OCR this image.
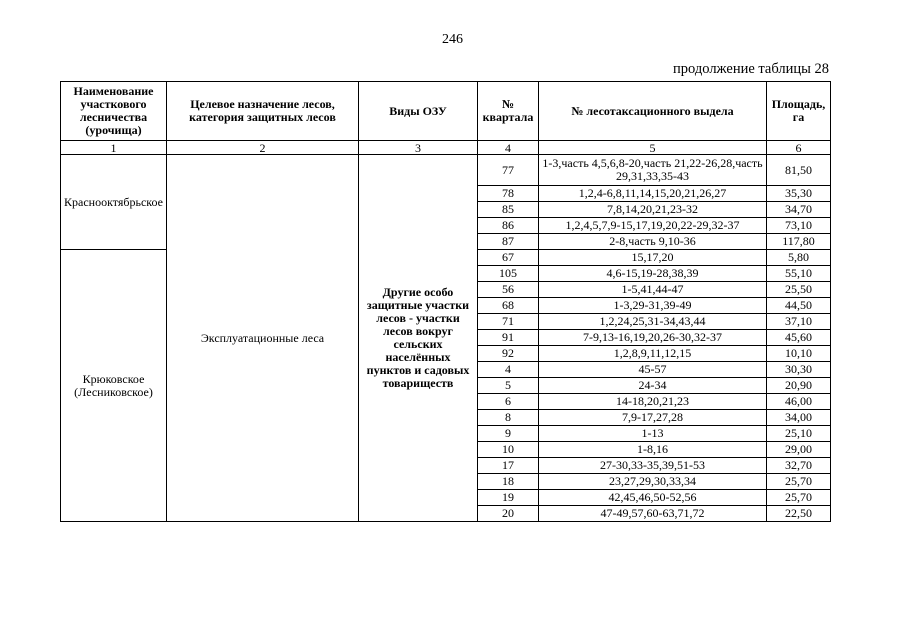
246
продолжение таблицы 28
Наименование участкового лесничества (урочища)	Целевое назначение лесов, категория защитных лесов	Виды ОЗУ	№ квартала	№ лесотаксационного выдела	Площадь, га
1	2	3	4	5	6
Краснооктябрьское	Эксплуатационные леса	Другие особо защитные участки лесов - участки лесов вокруг сельских населённых пунктов и садовых товариществ	77	1-3,часть 4,5,6,8-20,часть 21,22-26,28,часть 29,31,33,35-43	81,50
			78	1,2,4-6,8,11,14,15,20,21,26,27	35,30
			85	7,8,14,20,21,23-32	34,70
			86	1,2,4,5,7,9-15,17,19,20,22-29,32-37	73,10
			87	2-8,часть 9,10-36	117,80
Крюковское (Лесниковское)			67	15,17,20	5,80
			105	4,6-15,19-28,38,39	55,10
			56	1-5,41,44-47	25,50
			68	1-3,29-31,39-49	44,50
			71	1,2,24,25,31-34,43,44	37,10
			91	7-9,13-16,19,20,26-30,32-37	45,60
			92	1,2,8,9,11,12,15	10,10
			4	45-57	30,30
			5	24-34	20,90
			6	14-18,20,21,23	46,00
			8	7,9-17,27,28	34,00
			9	1-13	25,10
			10	1-8,16	29,00
			17	27-30,33-35,39,51-53	32,70
			18	23,27,29,30,33,34	25,70
			19	42,45,46,50-52,56	25,70
			20	47-49,57,60-63,71,72	22,50
